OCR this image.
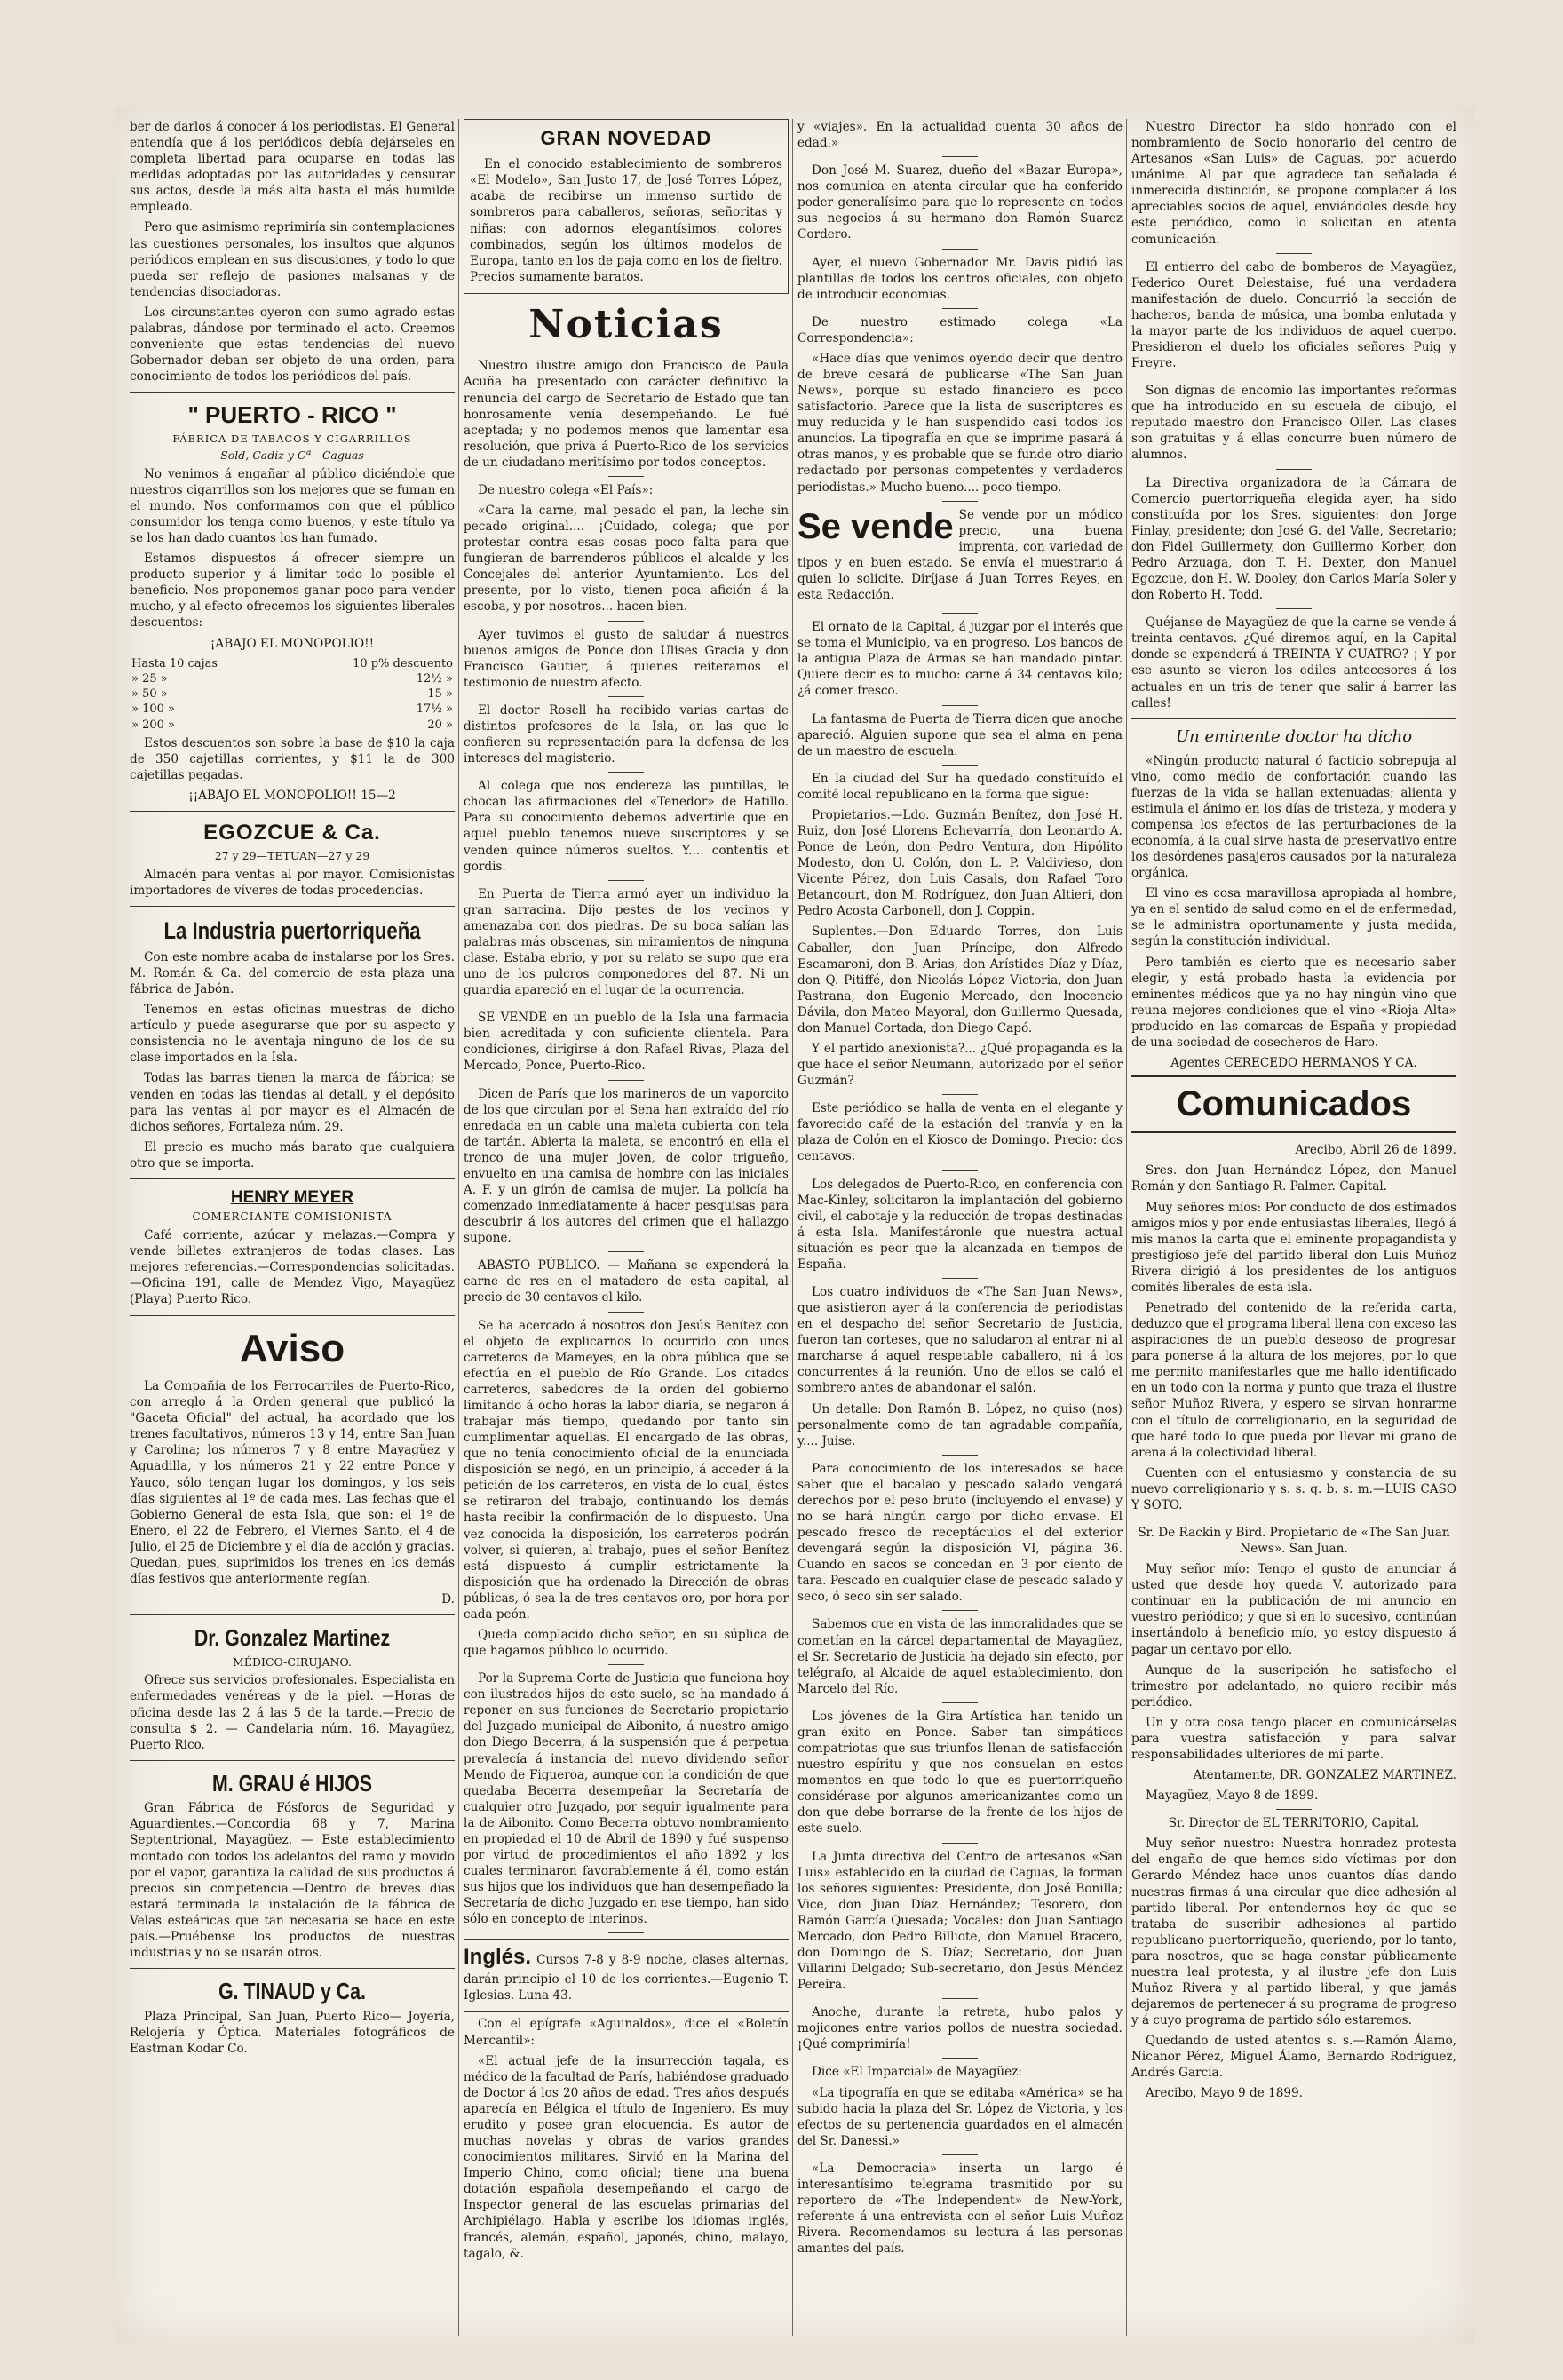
ber de darlos á conocer á los periodistas. El General entendía que á los periódicos debía dejárseles en completa libertad para ocuparse en todas las medidas adoptadas por las autoridades y censurar sus actos, desde la más alta hasta el más humilde empleado.

Pero que asimismo reprimiría sin contemplaciones las cuestiones personales, los insultos que algunos periódicos emplean en sus discusiones, y todo lo que pueda ser reflejo de pasiones malsanas y de tendencias disociadoras.

Los circunstantes oyeron con sumo agrado estas palabras, dándose por terminado el acto. Creemos conveniente que estas tendencias del nuevo Gobernador deban ser objeto de una orden, para conocimiento de todos los periódicos del país.

" PUERTO - RICO "
FÁBRICA DE TABACOS Y CIGARRILLOS
Sold, Cadiz y Cª—Caguas

No venimos á engañar al público diciéndole que nuestros cigarrillos son los mejores que se fuman en el mundo. Nos conformamos con que el público consumidor los tenga como buenos, y este título ya se los han dado cuantos los han fumado.

Estamos dispuestos á ofrecer siempre un producto superior y á limitar todo lo posible el beneficio. Nos proponemos ganar poco para vender mucho, y al efecto ofrecemos los siguientes liberales descuentos:

¡ABAJO EL MONOPOLIO!!

Hasta 10 cajas	10 p% descuento
» 25 »	12½ »
» 50 »	15 »
» 100 »	17½ »
» 200 »	20 »

Estos descuentos son sobre la base de $10 la caja de 350 cajetillas corrientes, y $11 la de 300 cajetillas pegadas.

¡¡ABAJO EL MONOPOLIO!! 15—2

EGOZCUE & Ca.
27 y 29—TETUAN—27 y 29

Almacén para ventas al por mayor. Comisionistas importadores de víveres de todas procedencias.

La Industria puertorriqueña

Con este nombre acaba de instalarse por los Sres. M. Román & Ca. del comercio de esta plaza una fábrica de Jabón.

Tenemos en estas oficinas muestras de dicho artículo y puede asegurarse que por su aspecto y consistencia no le aventaja ninguno de los de su clase importados en la Isla.

Todas las barras tienen la marca de fábrica; se venden en todas las tiendas al detall, y el depósito para las ventas al por mayor es el Almacén de dichos señores, Fortaleza núm. 29.

El precio es mucho más barato que cualquiera otro que se importa.

HENRY MEYER
COMERCIANTE COMISIONISTA

Café corriente, azúcar y melazas.—Compra y vende billetes extranjeros de todas clases. Las mejores referencias.—Correspondencias solicitadas.—Oficina 191, calle de Mendez Vigo, Mayagüez (Playa) Puerto Rico.

Aviso

La Compañía de los Ferrocarriles de Puerto-Rico, con arreglo á la Orden general que publicó la "Gaceta Oficial" del actual, ha acordado que los trenes facultativos, números 13 y 14, entre San Juan y Carolina; los números 7 y 8 entre Mayagüez y Aguadilla, y los números 21 y 22 entre Ponce y Yauco, sólo tengan lugar los domingos, y los seis días siguientes al 1º de cada mes. Las fechas que el Gobierno General de esta Isla, que son: el 1º de Enero, el 22 de Febrero, el Viernes Santo, el 4 de Julio, el 25 de Diciembre y el día de acción y gracias. Quedan, pues, suprimidos los trenes en los demás días festivos que anteriormente regían.

D.

Dr. Gonzalez Martinez
MÉDICO-CIRUJANO.

Ofrece sus servicios profesionales. Especialista en enfermedades venéreas y de la piel. —Horas de oficina desde las 2 á las 5 de la tarde.—Precio de consulta $ 2. — Candelaria núm. 16. Mayagüez, Puerto Rico.

M. GRAU é HIJOS

Gran Fábrica de Fósforos de Seguridad y Aguardientes.—Concordia 68 y 7, Marina Septentrional, Mayagüez. — Este establecimiento montado con todos los adelantos del ramo y movido por el vapor, garantiza la calidad de sus productos á precios sin competencia.—Dentro de breves días estará terminada la instalación de la fábrica de Velas esteáricas que tan necesaria se hace en este país.—Pruébense los productos de nuestras industrias y no se usarán otros.

G. TINAUD y Ca.

Plaza Principal, San Juan, Puerto Rico— Joyería, Relojería y Óptica. Materiales fotográficos de Eastman Kodar Co.

GRAN NOVEDAD

En el conocido establecimiento de sombreros «El Modelo», San Justo 17, de José Torres López, acaba de recibirse un inmenso surtido de sombreros para caballeros, señoras, señoritas y niñas; con adornos elegantísimos, colores combinados, según los últimos modelos de Europa, tanto en los de paja como en los de fieltro. Precios sumamente baratos.

Noticias

Nuestro ilustre amigo don Francisco de Paula Acuña ha presentado con carácter definitivo la renuncia del cargo de Secretario de Estado que tan honrosamente venía desempeñando. Le fué aceptada; y no podemos menos que lamentar esa resolución, que priva á Puerto-Rico de los servicios de un ciudadano meritísimo por todos conceptos.

De nuestro colega «El País»:

«Cara la carne, mal pesado el pan, la leche sin pecado original.... ¡Cuidado, colega; que por protestar contra esas cosas poco falta para que fungieran de barrenderos públicos el alcalde y los Concejales del anterior Ayuntamiento. Los del presente, por lo visto, tienen poca afición á la escoba, y por nosotros... hacen bien.

Ayer tuvimos el gusto de saludar á nuestros buenos amigos de Ponce don Ulises Gracia y don Francisco Gautier, á quienes reiteramos el testimonio de nuestro afecto.

El doctor Rosell ha recibido varias cartas de distintos profesores de la Isla, en las que le confieren su representación para la defensa de los intereses del magisterio.

Al colega que nos endereza las puntillas, le chocan las afirmaciones del «Tenedor» de Hatillo. Para su conocimiento debemos advertirle que en aquel pueblo tenemos nueve suscriptores y se venden quince números sueltos. Y.... contentis et gordis.

En Puerta de Tierra armó ayer un individuo la gran sarracina. Dijo pestes de los vecinos y amenazaba con dos piedras. De su boca salían las palabras más obscenas, sin miramientos de ninguna clase. Estaba ebrio, y por su relato se supo que era uno de los pulcros componedores del 87. Ni un guardia apareció en el lugar de la ocurrencia.

SE VENDE en un pueblo de la Isla una farmacia bien acreditada y con suficiente clientela. Para condiciones, dirigirse á don Rafael Rivas, Plaza del Mercado, Ponce, Puerto-Rico.

Dicen de París que los marineros de un vaporcito de los que circulan por el Sena han extraído del río enredada en un cable una maleta cubierta con tela de tartán. Abierta la maleta, se encontró en ella el tronco de una mujer joven, de color trigueño, envuelto en una camisa de hombre con las iniciales A. F. y un girón de camisa de mujer. La policía ha comenzado inmediatamente á hacer pesquisas para descubrir á los autores del crimen que el hallazgo supone.

ABASTO PÚBLICO. — Mañana se expenderá la carne de res en el matadero de esta capital, al precio de 30 centavos el kilo.

Se ha acercado á nosotros don Jesús Benítez con el objeto de explicarnos lo ocurrido con unos carreteros de Mameyes, en la obra pública que se efectúa en el pueblo de Río Grande. Los citados carreteros, sabedores de la orden del gobierno limitando á ocho horas la labor diaria, se negaron á trabajar más tiempo, quedando por tanto sin cumplimentar aquellas. El encargado de las obras, que no tenía conocimiento oficial de la enunciada disposición se negó, en un principio, á acceder á la petición de los carreteros, en vista de lo cual, éstos se retiraron del trabajo, continuando los demás hasta recibir la confirmación de lo dispuesto. Una vez conocida la disposición, los carreteros podrán volver, si quieren, al trabajo, pues el señor Benítez está dispuesto á cumplir estrictamente la disposición que ha ordenado la Dirección de obras públicas, ó sea la de tres centavos oro, por hora por cada peón.

Queda complacido dicho señor, en su súplica de que hagamos público lo ocurrido.

Por la Suprema Corte de Justicia que funciona hoy con ilustrados hijos de este suelo, se ha mandado á reponer en sus funciones de Secretario propietario del Juzgado municipal de Aibonito, á nuestro amigo don Diego Becerra, á la suspensión que á perpetua prevalecía á instancia del nuevo dividendo señor Mendo de Figueroa, aunque con la condición de que quedaba Becerra desempeñar la Secretaría de cualquier otro Juzgado, por seguir igualmente para la de Aibonito. Como Becerra obtuvo nombramiento en propiedad el 10 de Abril de 1890 y fué suspenso por virtud de procedimientos el año 1892 y los cuales terminaron favorablemente á él, como están sus hijos que los individuos que han desempeñado la Secretaría de dicho Juzgado en ese tiempo, han sido sólo en concepto de interinos.

Inglés. Cursos 7-8 y 8-9 noche, clases alternas, darán principio el 10 de los corrientes.—Eugenio T. Iglesias. Luna 43.

Con el epígrafe «Aguinaldos», dice el «Boletín Mercantil»:

«El actual jefe de la insurrección tagala, es médico de la facultad de París, habiéndose graduado de Doctor á los 20 años de edad. Tres años después aparecía en Bélgica el título de Ingeniero. Es muy erudito y posee gran elocuencia. Es autor de muchas novelas y obras de varios grandes conocimientos militares. Sirvió en la Marina del Imperio Chino, como oficial; tiene una buena dotación española desempeñando el cargo de Inspector general de las escuelas primarias del Archipiélago. Habla y escribe los idiomas inglés, francés, alemán, español, japonés, chino, malayo, tagalo, &.

y «viajes». En la actualidad cuenta 30 años de edad.»

Don José M. Suarez, dueño del «Bazar Europa», nos comunica en atenta circular que ha conferido poder generalísimo para que lo represente en todos sus negocios á su hermano don Ramón Suarez Cordero.

Ayer, el nuevo Gobernador Mr. Davis pidió las plantillas de todos los centros oficiales, con objeto de introducir economías.

De nuestro estimado colega «La Correspondencia»:

«Hace días que venimos oyendo decir que dentro de breve cesará de publicarse «The San Juan News», porque su estado financiero es poco satisfactorio. Parece que la lista de suscriptores es muy reducida y le han suspendido casi todos los anuncios. La tipografía en que se imprime pasará á otras manos, y es probable que se funde otro diario redactado por personas competentes y verdaderos periodistas.» Mucho bueno.... poco tiempo.

Se vende Se vende por un módico precio, una buena imprenta, con variedad de tipos y en buen estado. Se envía el muestrario á quien lo solicite. Diríjase á Juan Torres Reyes, en esta Redacción.

El ornato de la Capital, á juzgar por el interés que se toma el Municipio, va en progreso. Los bancos de la antigua Plaza de Armas se han mandado pintar. Quiere decir es to mucho: carne á 34 centavos kilo; ¿á comer fresco.

La fantasma de Puerta de Tierra dicen que anoche apareció. Alguien supone que sea el alma en pena de un maestro de escuela.

En la ciudad del Sur ha quedado constituído el comité local republicano en la forma que sigue:

Propietarios.—Ldo. Guzmán Benítez, don José H. Ruiz, don José Llorens Echevarría, don Leonardo A. Ponce de León, don Pedro Ventura, don Hipólito Modesto, don U. Colón, don L. P. Valdivieso, don Vicente Pérez, don Luis Casals, don Rafael Toro Betancourt, don M. Rodríguez, don Juan Altieri, don Pedro Acosta Carbonell, don J. Coppin.

Suplentes.—Don Eduardo Torres, don Luis Caballer, don Juan Príncipe, don Alfredo Escamaroni, don B. Arias, don Arístides Díaz y Díaz, don Q. Pitiffé, don Nicolás López Victoria, don Juan Pastrana, don Eugenio Mercado, don Inocencio Dávila, don Mateo Mayoral, don Guillermo Quesada, don Manuel Cortada, don Diego Capó.

Y el partido anexionista?... ¿Qué propaganda es la que hace el señor Neumann, autorizado por el señor Guzmán?

Este periódico se halla de venta en el elegante y favorecido café de la estación del tranvía y en la plaza de Colón en el Kiosco de Domingo. Precio: dos centavos.

Los delegados de Puerto-Rico, en conferencia con Mac-Kinley, solicitaron la implantación del gobierno civil, el cabotaje y la reducción de tropas destinadas á esta Isla. Manifestáronle que nuestra actual situación es peor que la alcanzada en tiempos de España.

Los cuatro individuos de «The San Juan News», que asistieron ayer á la conferencia de periodistas en el despacho del señor Secretario de Justicia, fueron tan corteses, que no saludaron al entrar ni al marcharse á aquel respetable caballero, ni á los concurrentes á la reunión. Uno de ellos se caló el sombrero antes de abandonar el salón.

Un detalle: Don Ramón B. López, no quiso (nos) personalmente como de tan agradable compañía, y.... Juise.

Para conocimiento de los interesados se hace saber que el bacalao y pescado salado vengará derechos por el peso bruto (incluyendo el envase) y no se hará ningún cargo por dicho envase. El pescado fresco de receptáculos el del exterior devengará según la disposición VI, página 36. Cuando en sacos se concedan en 3 por ciento de tara. Pescado en cualquier clase de pescado salado y seco, ó seco sin ser salado.

Sabemos que en vista de las inmoralidades que se cometían en la cárcel departamental de Mayagüez, el Sr. Secretario de Justicia ha dejado sin efecto, por telégrafo, al Alcaide de aquel establecimiento, don Marcelo del Río.

Los jóvenes de la Gira Artística han tenido un gran éxito en Ponce. Saber tan simpáticos compatriotas que sus triunfos llenan de satisfacción nuestro espíritu y que nos consuelan en estos momentos en que todo lo que es puertorriqueño considérase por algunos americanizantes como un don que debe borrarse de la frente de los hijos de este suelo.

La Junta directiva del Centro de artesanos «San Luis» establecido en la ciudad de Caguas, la forman los señores siguientes: Presidente, don José Bonilla; Vice, don Juan Díaz Hernández; Tesorero, don Ramón García Quesada; Vocales: don Juan Santiago Mercado, don Pedro Billiote, don Manuel Bracero, don Domingo de S. Díaz; Secretario, don Juan Villarini Delgado; Sub-secretario, don Jesús Méndez Pereira.

Anoche, durante la retreta, hubo palos y mojicones entre varios pollos de nuestra sociedad. ¡Qué comprimiría!

Dice «El Imparcial» de Mayagüez:

«La tipografía en que se editaba «América» se ha subido hacia la plaza del Sr. López de Victoria, y los efectos de su pertenencia guardados en el almacén del Sr. Danessi.»

«La Democracia» inserta un largo é interesantísimo telegrama trasmitido por su reportero de «The Independent» de New-York, referente á una entrevista con el señor Luis Muñoz Rivera. Recomendamos su lectura á las personas amantes del país.

Nuestro Director ha sido honrado con el nombramiento de Socio honorario del centro de Artesanos «San Luis» de Caguas, por acuerdo unánime. Al par que agradece tan señalada é inmerecida distinción, se propone complacer á los apreciables socios de aquel, enviándoles desde hoy este periódico, como lo solicitan en atenta comunicación.

El entierro del cabo de bomberos de Mayagüez, Federico Ouret Delestaise, fué una verdadera manifestación de duelo. Concurrió la sección de hacheros, banda de música, una bomba enlutada y la mayor parte de los individuos de aquel cuerpo. Presidieron el duelo los oficiales señores Puig y Freyre.

Son dignas de encomio las importantes reformas que ha introducido en su escuela de dibujo, el reputado maestro don Francisco Oller. Las clases son gratuitas y á ellas concurre buen número de alumnos.

La Directiva organizadora de la Cámara de Comercio puertorriqueña elegida ayer, ha sido constituída por los Sres. siguientes: don Jorge Finlay, presidente; don José G. del Valle, Secretario; don Fidel Guillermety, don Guillermo Korber, don Pedro Arzuaga, don T. H. Dexter, don Manuel Egozcue, don H. W. Dooley, don Carlos María Soler y don Roberto H. Todd.

Quéjanse de Mayagüez de que la carne se vende á treinta centavos. ¿Qué diremos aquí, en la Capital donde se expenderá á TREINTA Y CUATRO? ¡ Y por ese asunto se vieron los ediles antecesores á los actuales en un tris de tener que salir á barrer las calles!

Un eminente doctor ha dicho

«Ningún producto natural ó facticio sobrepuja al vino, como medio de confortación cuando las fuerzas de la vida se hallan extenuadas; alienta y estimula el ánimo en los días de tristeza, y modera y compensa los efectos de las perturbaciones de la economía, á la cual sirve hasta de preservativo entre los desórdenes pasajeros causados por la naturaleza orgánica.

El vino es cosa maravillosa apropiada al hombre, ya en el sentido de salud como en el de enfermedad, se le administra oportunamente y justa medida, según la constitución individual.

Pero también es cierto que es necesario saber elegir, y está probado hasta la evidencia por eminentes médicos que ya no hay ningún vino que reuna mejores condiciones que el vino «Rioja Alta» producido en las comarcas de España y propiedad de una sociedad de cosecheros de Haro.

Agentes CERECEDO HERMANOS Y CA.

Comunicados

Arecibo, Abril 26 de 1899.

Sres. don Juan Hernández López, don Manuel Román y don Santiago R. Palmer. Capital.

Muy señores míos: Por conducto de dos estimados amigos míos y por ende entusiastas liberales, llegó á mis manos la carta que el eminente propagandista y prestigioso jefe del partido liberal don Luis Muñoz Rivera dirigió á los presidentes de los antiguos comités liberales de esta isla.

Penetrado del contenido de la referida carta, deduzco que el programa liberal llena con exceso las aspiraciones de un pueblo deseoso de progresar para ponerse á la altura de los mejores, por lo que me permito manifestarles que me hallo identificado en un todo con la norma y punto que traza el ilustre señor Muñoz Rivera, y espero se sirvan honrarme con el título de correligionario, en la seguridad de que haré todo lo que pueda por llevar mi grano de arena á la colectividad liberal.

Cuenten con el entusiasmo y constancia de su nuevo correligionario y s. s. q. b. s. m.—LUIS CASO Y SOTO.

Sr. De Rackin y Bird. Propietario de «The San Juan News». San Juan.

Muy señor mío: Tengo el gusto de anunciar á usted que desde hoy queda V. autorizado para continuar en la publicación de mi anuncio en vuestro periódico; y que si en lo sucesivo, continúan insertándolo á beneficio mío, yo estoy dispuesto á pagar un centavo por ello.

Aunque de la suscripción he satisfecho el trimestre por adelantado, no quiero recibir más periódico.

Un y otra cosa tengo placer en comunicárselas para vuestra satisfacción y para salvar responsabilidades ulteriores de mi parte.

Atentamente, DR. GONZALEZ MARTINEZ.

Mayagüez, Mayo 8 de 1899.

Sr. Director de EL TERRITORIO, Capital.

Muy señor nuestro: Nuestra honradez protesta del engaño de que hemos sido víctimas por don Gerardo Méndez hace unos cuantos días dando nuestras firmas á una circular que dice adhesión al partido liberal. Por entendernos hoy de que se trataba de suscribir adhesiones al partido republicano puertorriqueño, queriendo, por lo tanto, para nosotros, que se haga constar públicamente nuestra leal protesta, y al ilustre jefe don Luis Muñoz Rivera y al partido liberal, y que jamás dejaremos de pertenecer á su programa de progreso y á cuyo programa de partido sólo estaremos.

Quedando de usted atentos s. s.—Ramón Álamo, Nicanor Pérez, Miguel Álamo, Bernardo Rodríguez, Andrés García.

Arecibo, Mayo 9 de 1899.
